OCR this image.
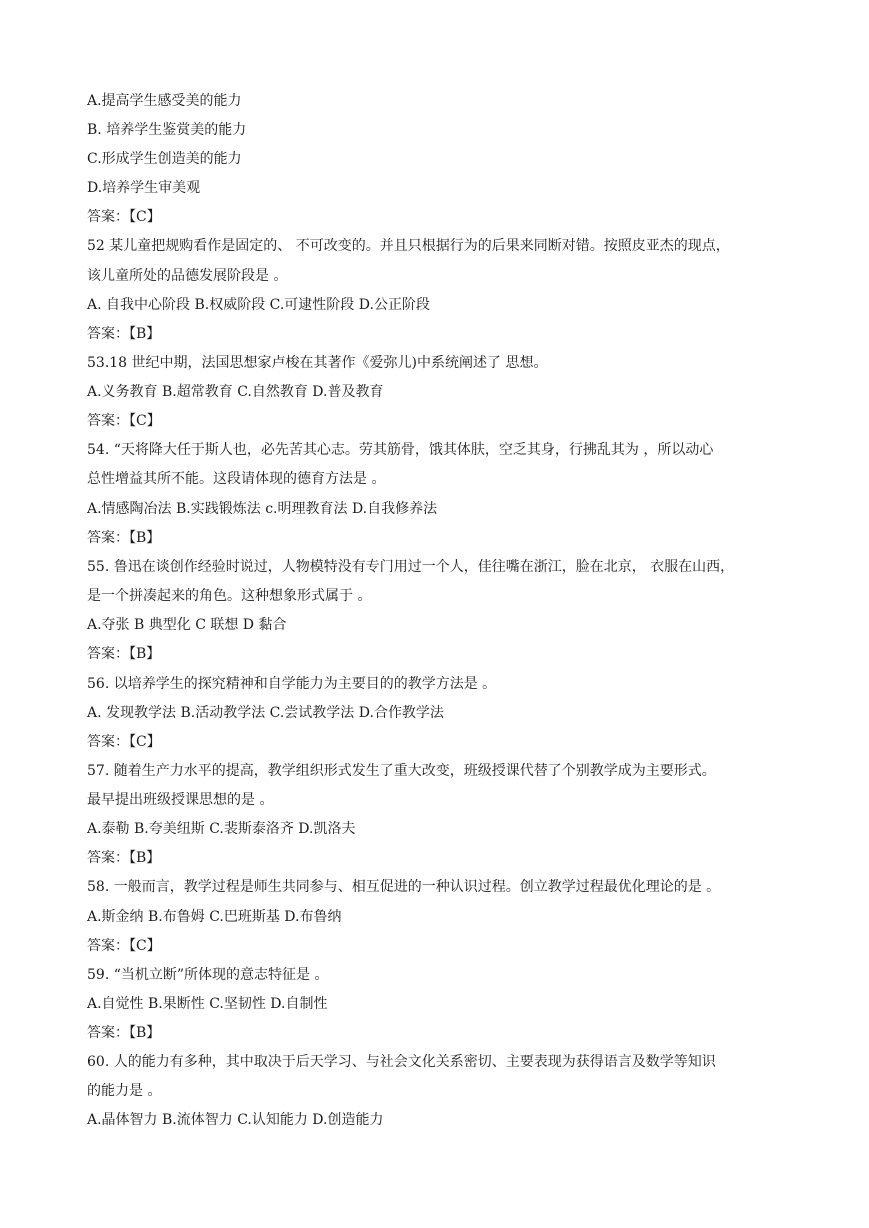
A.提高学生感受美的能力
B. 培养学生鉴赏美的能力
C.形成学生创造美的能力
D.培养学生审美观
答案：【C】
52 某儿童把规购看作是固定的、 不可改变的。并且只根据行为的后果来同断对错。按照皮亚杰的现点，
该儿童所处的品德发展阶段是 。
A. 自我中心阶段 B.权威阶段 C.可逮性阶段 D.公正阶段
答案：【B】
53.18 世纪中期，法国思想家卢梭在其著作《爱弥儿)中系统阐述了 思想。
A.义务教育 B.超常教育 C.自然教育 D.普及教育
答案：【C】
54. “天将降大任于斯人也，必先苦其心志。劳其筋骨，饿其体肤，空乏其身，行拂乱其为 ，所以动心
总性增益其所不能。这段请体现的德育方法是 。
A.情感陶冶法 B.实践锻炼法 c.明理教育法 D.自我修养法
答案：【B】
55. 鲁迅在谈创作经验时说过，人物模特没有专门用过一个人，佳往嘴在浙江，脸在北京， 衣服在山西，
是一个拼凑起来的角色。这种想象形式属于 。
A.夺张 B 典型化 C 联想 D 黏合
答案：【B】
56. 以培养学生的探究精神和自学能力为主要目的的教学方法是 。
A. 发现教学法 B.活动教学法 C.尝试教学法 D.合作教学法
答案：【C】
57. 随着生产力水平的提高，教学组织形式发生了重大改变，班级授课代替了个别教学成为主要形式。
最早提出班级授课思想的是 。
A.泰勒 B.夸美纽斯 C.裴斯泰洛齐 D.凯洛夫
答案：【B】
58. 一般而言，教学过程是师生共同参与、相互促进的一种认识过程。创立教学过程最优化理论的是 。
A.斯金纳 B.布鲁姆 C.巴班斯基 D.布鲁纳
答案：【C】
59. “当机立断”所体现的意志特征是 。
A.自觉性 B.果断性 C.坚韧性 D.自制性
答案：【B】
60. 人的能力有多种，其中取决于后天学习、与社会文化关系密切、主要表现为获得语言及数学等知识
的能力是 。
A.晶体智力 B.流体智力 C.认知能力 D.创造能力
